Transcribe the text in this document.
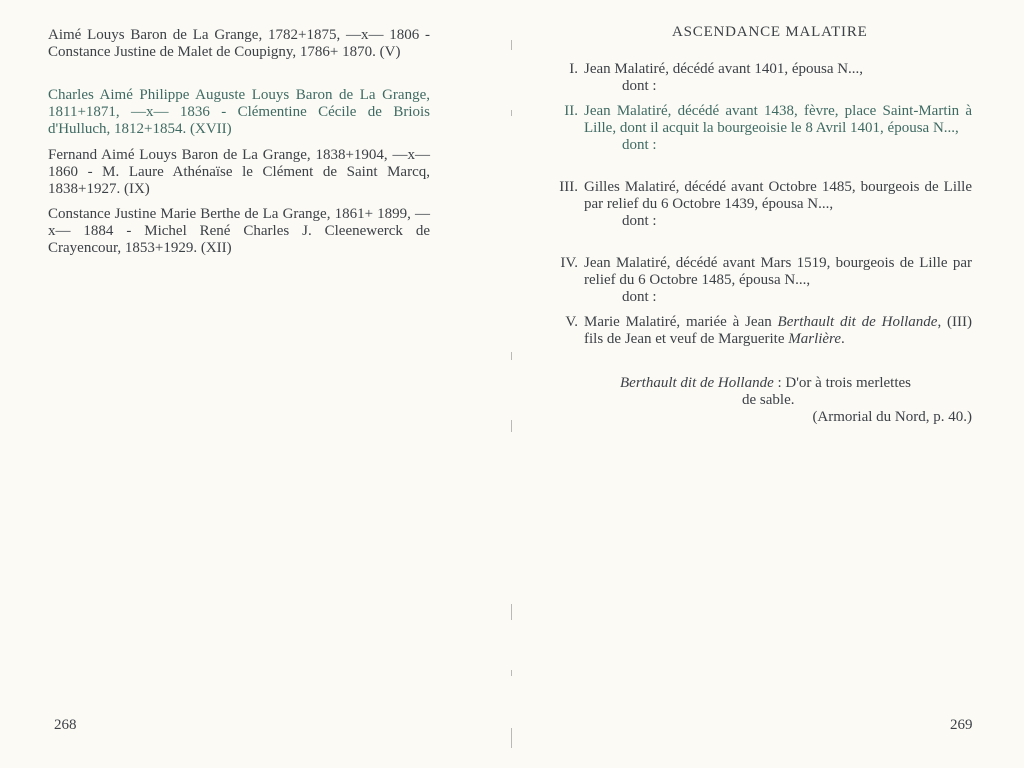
Aimé Louys Baron de La Grange, 1782+1875, —x— 1806 - Constance Justine de Malet de Coupigny, 1786+ 1870. (V)

Charles Aimé Philippe Auguste Louys Baron de La Grange, 1811+1871, —x— 1836 - Clémentine Cécile de Briois d'Hulluch, 1812+1854. (XVII)

Fernand Aimé Louys Baron de La Grange, 1838+1904, —x— 1860 - M. Laure Athénaïse le Clément de Saint Marcq, 1838+1927. (IX)

Constance Justine Marie Berthe de La Grange, 1861+ 1899, —x— 1884 - Michel René Charles J. Cleenewerck de Crayencour, 1853+1929. (XII)

268

ASCENDANCE MALATIRE
I. Jean Malatiré, décédé avant 1401, épousa N...,
dont :
II. Jean Malatiré, décédé avant 1438, fèvre, place Saint-Martin à Lille, dont il acquit la bourgeoisie le 8 Avril 1401, épousa N...,
dont :
III. Gilles Malatiré, décédé avant Octobre 1485, bourgeois de Lille par relief du 6 Octobre 1439, épousa N...,
dont :
IV. Jean Malatiré, décédé avant Mars 1519, bourgeois de Lille par relief du 6 Octobre 1485, épousa N...,
dont :
V. Marie Malatiré, mariée à Jean Berthault dit de Hollande, (III) fils de Jean et veuf de Marguerite Marlière.
Berthault dit de Hollande : D'or à trois merlettes
de sable.
(Armorial du Nord, p. 40.)

269
